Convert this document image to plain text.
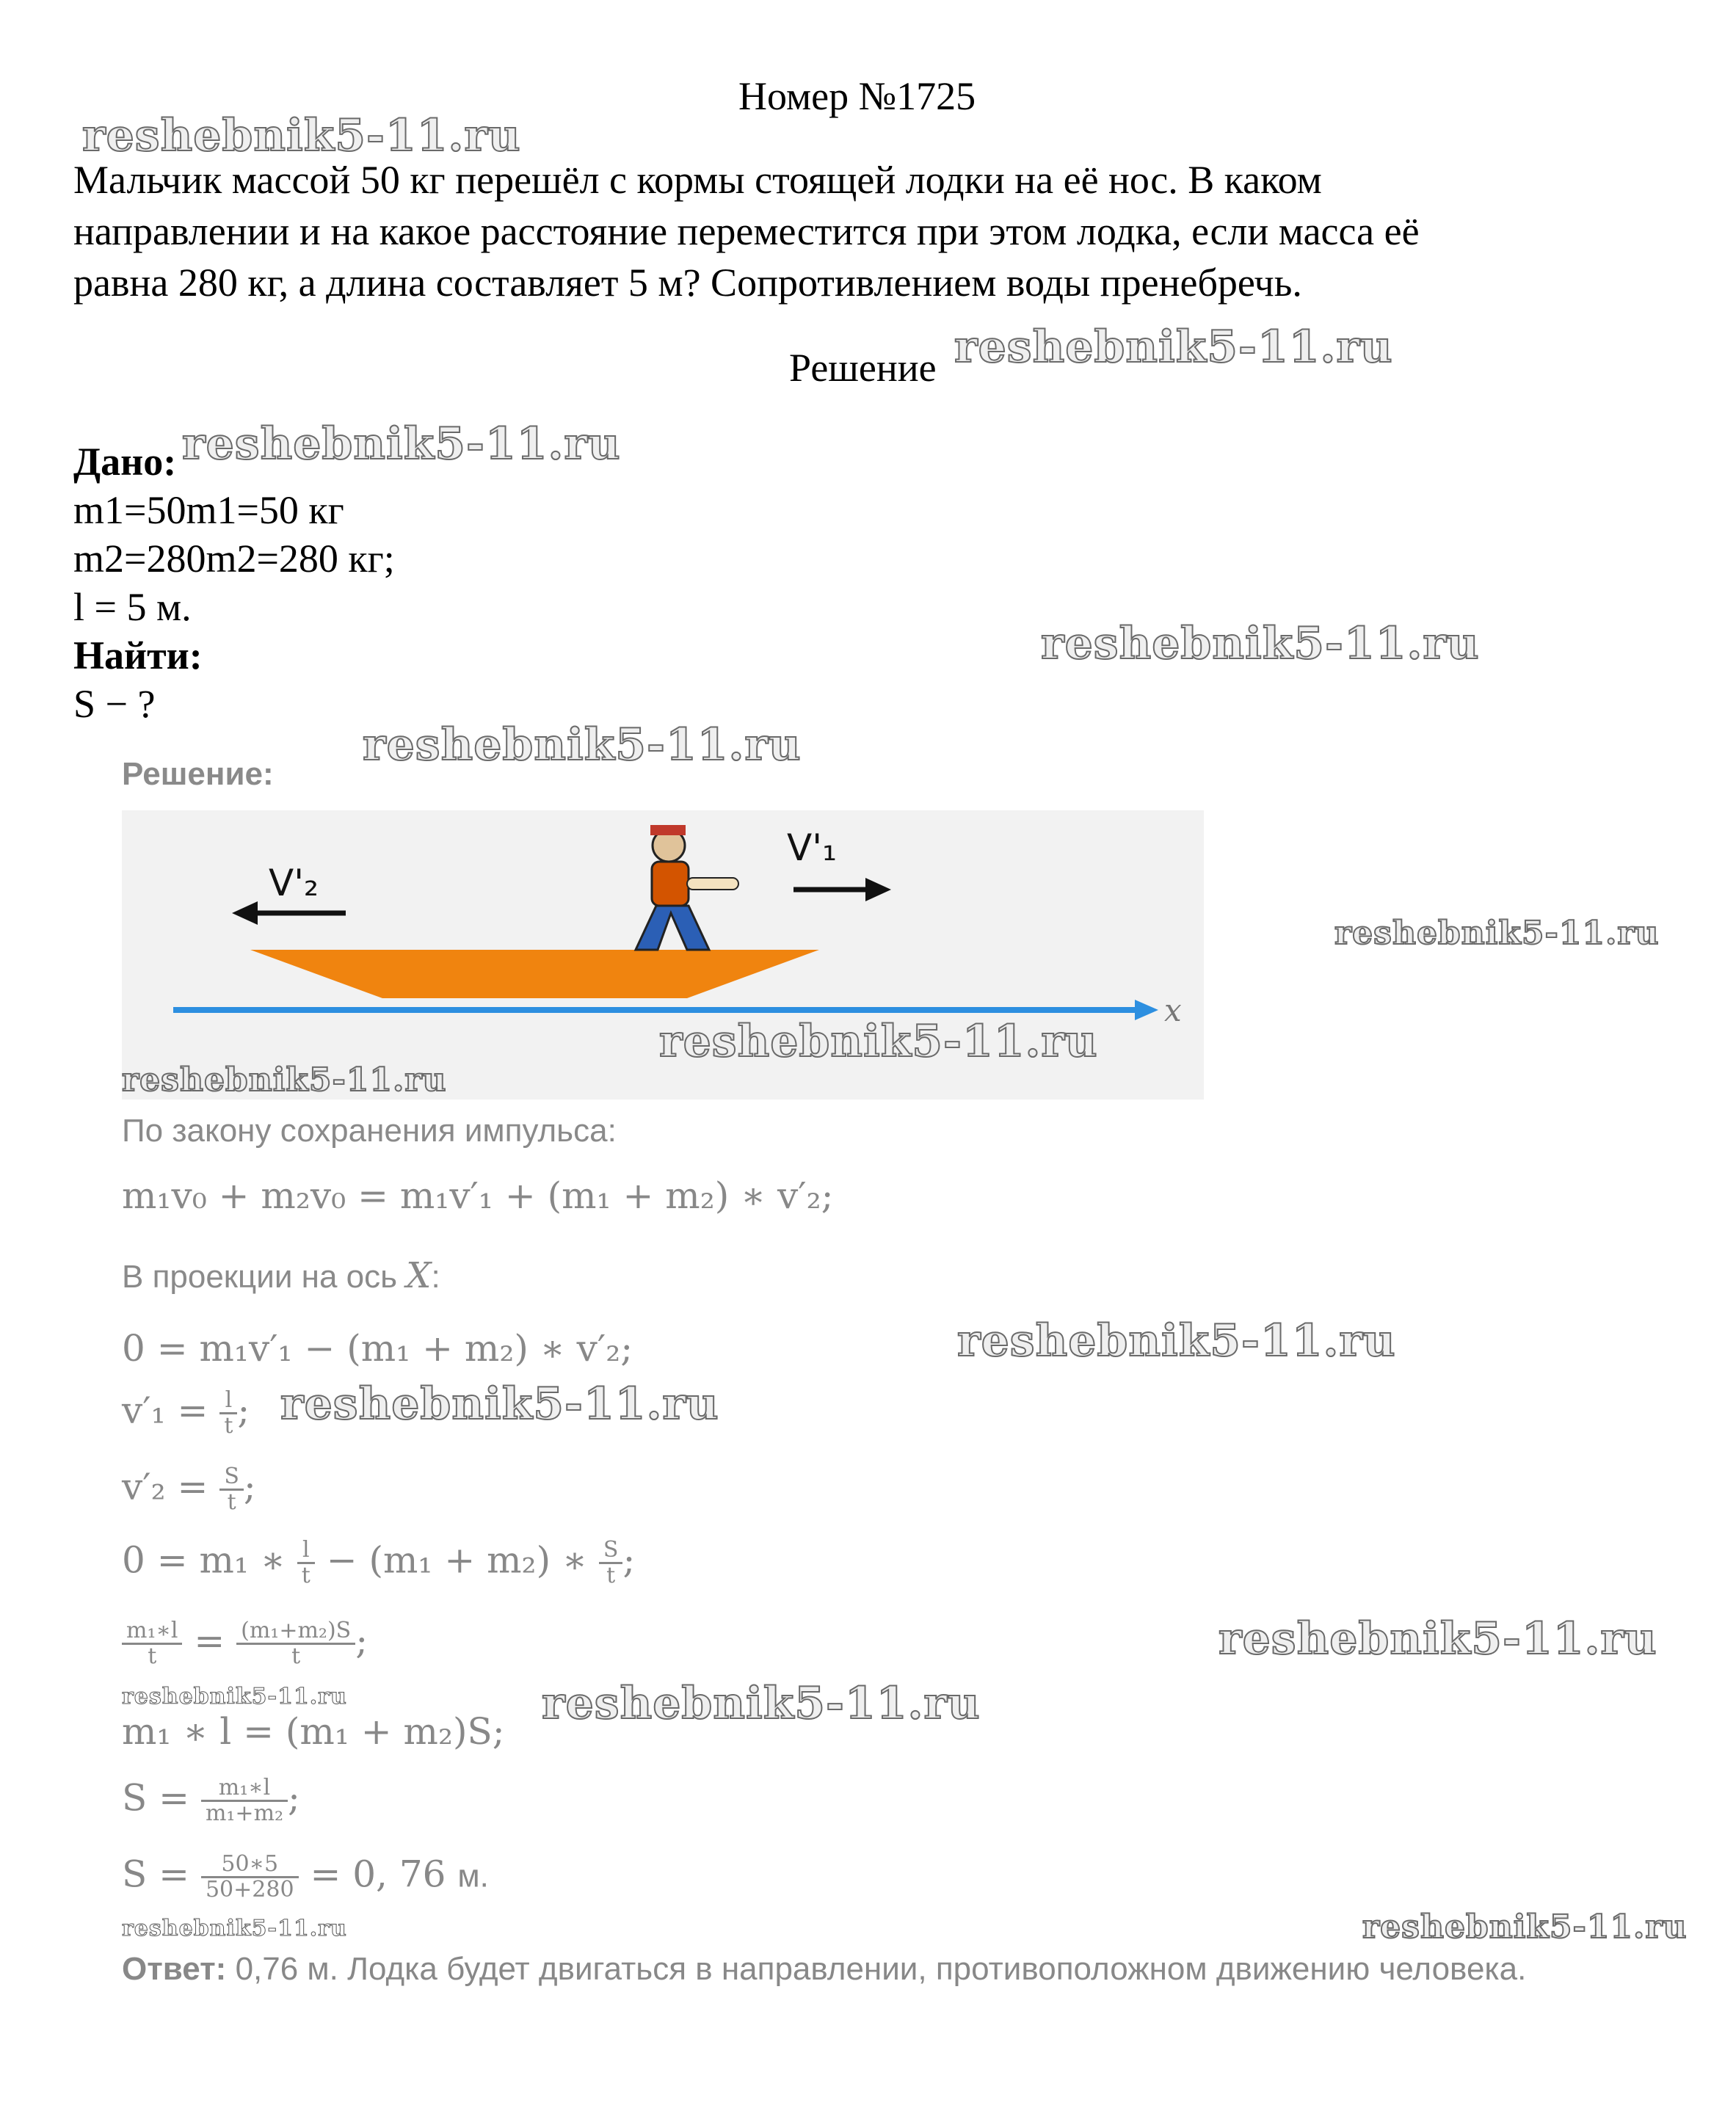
Номер №1725
Мальчик массой 50 кг перешёл с кормы стоящей лодки на её нос. В каком
направлении и на какое расстояние переместится при этом лодка, если масса её
равна 280 кг, а длина составляет 5 м? Сопротивлением воды пренебречь.
Решение
Дано:
m1=50m1=50 кг
m2=280m2=280 кг;
l = 5 м.
Найти:
S − ?
Решение:
V'₂
V'₁
x
По закону сохранения импульса:
m₁v₀ + m₂v₀ = m₁v′₁ + (m₁ + m₂) ∗ v′₂;
В проекции на ось X:
0 = m₁v′₁ − (m₁ + m₂) ∗ v′₂;
$v'_1 = \frac{l}{t}$ ;
$v'_2 = \frac{S}{t}$ ;
0 = m₁ ∗ $\frac{l}{t} - (m_1 + m_2)$ ∗ $\frac{S}{t}$ ;
$\frac{\text{m₁∗l}}{t} = \frac{\text{(m₁+m₂)S}}{t}$ ;
m₁ ∗ l = (m₁ + m₂)S;
$S = \frac{\text{m₁∗l}}{\text{m₁+m₂}}$ ;
$S = \frac{50∗5}{50+280} = 0$, 76 м.
Ответ: 0,76 м. Лодка будет двигаться в направлении, противоположном движению человека.
reshebnik5-11.ru
reshebnik5-11.ru
reshebnik5-11.ru
reshebnik5-11.ru
reshebnik5-11.ru
reshebnik5-11.ru
reshebnik5-11.ru
reshebnik5-11.ru
reshebnik5-11.ru
reshebnik5-11.ru
reshebnik5-11.ru
reshebnik5-11.ru	reshebnik5-11.ru
reshebnik5-11.ru	reshebnik5-11.ru
